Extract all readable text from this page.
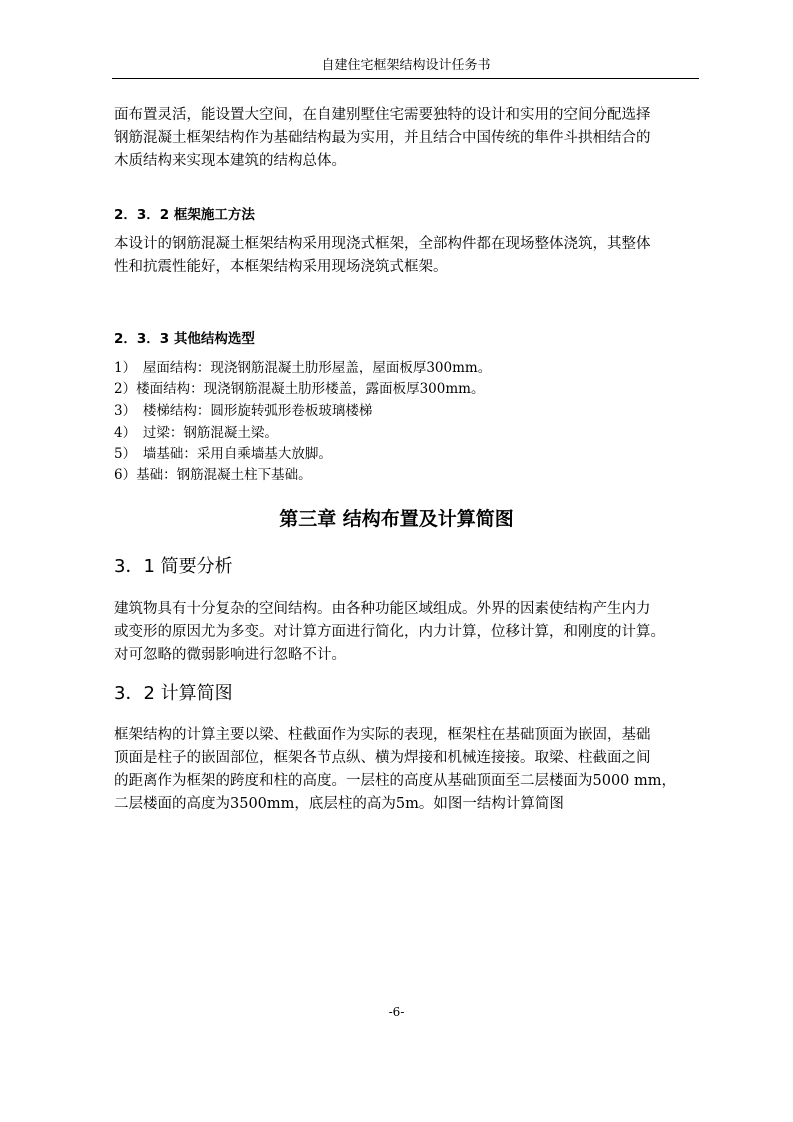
自建住宅框架结构设计任务书

面布置灵活，能设置大空间，在自建别墅住宅需要独特的设计和实用的空间分配选择

钢筋混凝土框架结构作为基础结构最为实用，并且结合中国传统的隼件斗拱相结合的

木质结构来实现本建筑的结构总体。

2．3．2 框架施工方法

本设计的钢筋混凝土框架结构采用现浇式框架，全部构件都在现场整体浇筑，其整体

性和抗震性能好，本框架结构采用现场浇筑式框架。

2．3．3 其他结构选型
1）　屋面结构：现浇钢筋混凝土肋形屋盖，屋面板厚300mm。
2）楼面结构：现浇钢筋混凝土肋形楼盖，露面板厚300mm。
3）　楼梯结构：圆形旋转弧形卷板玻璃楼梯
4）　过梁：钢筋混凝土梁。
5）　墙基础：采用自乘墙基大放脚。
6）基础：钢筋混凝土柱下基础。
第三章 结构布置及计算简图
3．1 简要分析

建筑物具有十分复杂的空间结构。由各种功能区域组成。外界的因素使结构产生内力

或变形的原因尤为多变。对计算方面进行简化，内力计算，位移计算，和刚度的计算。

对可忽略的微弱影响进行忽略不计。

3．2 计算简图

框架结构的计算主要以梁、柱截面作为实际的表现，框架柱在基础顶面为嵌固，基础

顶面是柱子的嵌固部位，框架各节点纵、横为焊接和机械连接接。取梁、柱截面之间

的距离作为框架的跨度和柱的高度。一层柱的高度从基础顶面至二层楼面为5000 mm，

二层楼面的高度为3500mm，底层柱的高为5m。如图一结构计算简图

-6-
